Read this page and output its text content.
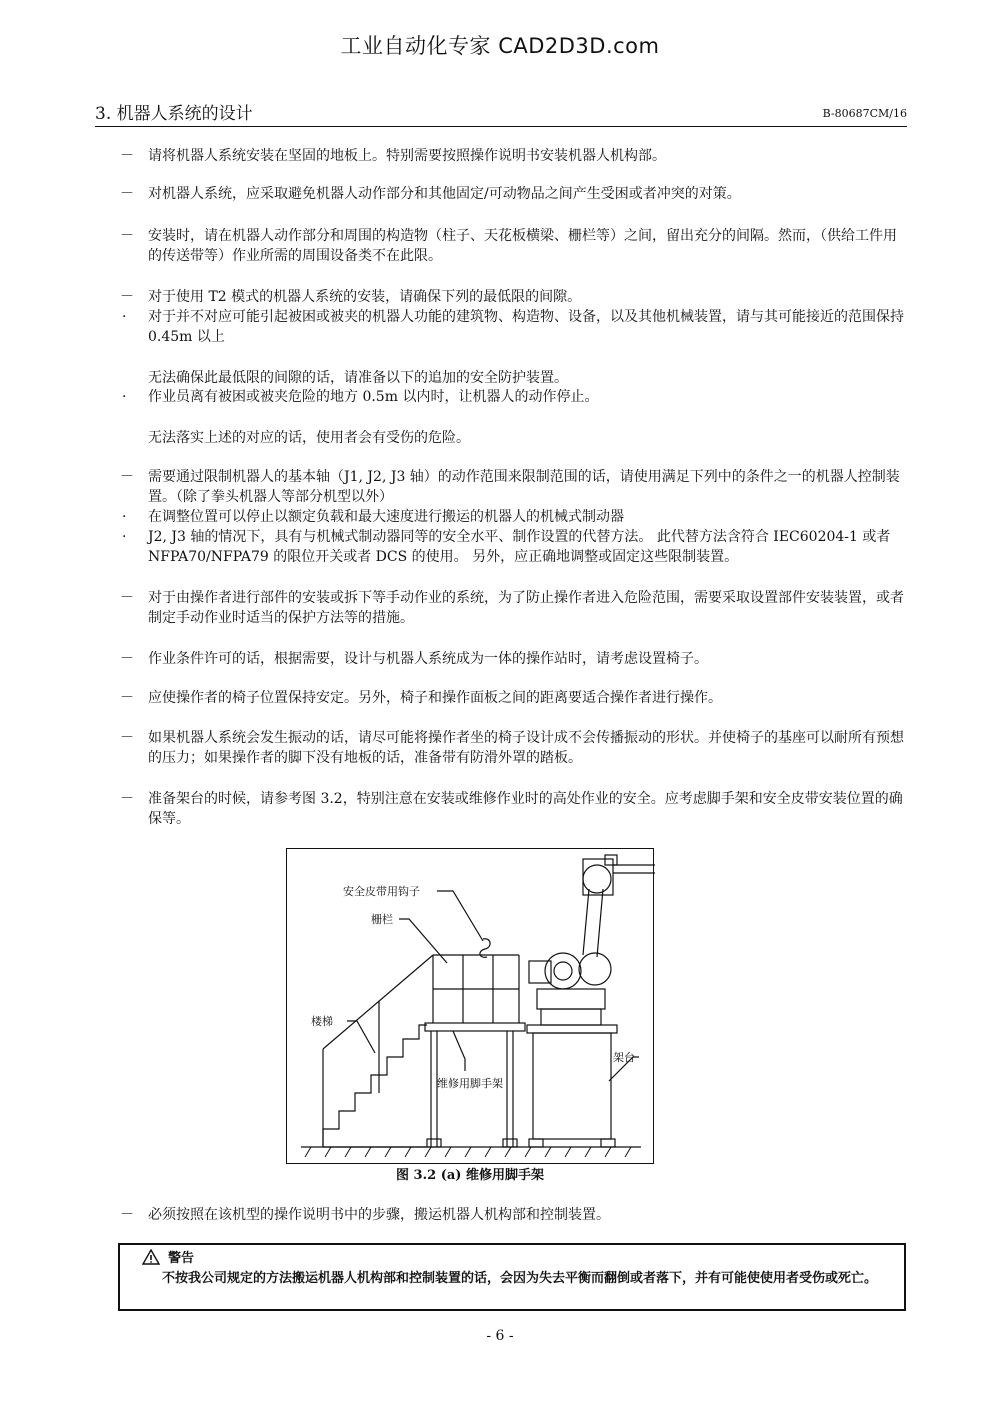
工业自动化专家 CAD2D3D.com
3. 机器人系统的设计	B-80687CM/16
－ 请将机器人系统安装在坚固的地板上。特别需要按照操作说明书安装机器人机构部。
－ 对机器人系统，应采取避免机器人动作部分和其他固定/可动物品之间产生受困或者冲突的对策。
－ 安装时，请在机器人动作部分和周围的构造物（柱子、天花板横梁、栅栏等）之间，留出充分的间隔。然而，（供给工件用的传送带等）作业所需的周围设备类不在此限。
－ 对于使用 T2 模式的机器人系统的安装，请确保下列的最低限的间隙。
· 对于并不对应可能引起被困或被夹的机器人功能的建筑物、构造物、设备，以及其他机械装置，请与其可能接近的范围保持 0.45m 以上
无法确保此最低限的间隙的话，请准备以下的追加的安全防护装置。
· 作业员离有被困或被夹危险的地方 0.5m 以内时，让机器人的动作停止。
无法落实上述的对应的话，使用者会有受伤的危险。
－ 需要通过限制机器人的基本轴（J1, J2, J3 轴）的动作范围来限制范围的话，请使用满足下列中的条件之一的机器人控制装置。（除了拳头机器人等部分机型以外）
· 在调整位置可以停止以额定负载和最大速度进行搬运的机器人的机械式制动器
·	J2, J3 轴的情况下，具有与机械式制动器同等的安全水平、制作设置的代替方法。 此代替方法含符合 IEC60204-1 或者 NFPA70/NFPA79 的限位开关或者 DCS 的使用。 另外，应正确地调整或固定这些限制装置。
－ 对于由操作者进行部件的安装或拆下等手动作业的系统，为了防止操作者进入危险范围，需要采取设置部件安装装置，或者制定手动作业时适当的保护方法等的措施。
－ 作业条件许可的话，根据需要，设计与机器人系统成为一体的操作站时，请考虑设置椅子。
－ 应使操作者的椅子位置保持安定。另外，椅子和操作面板之间的距离要适合操作者进行操作。
－ 如果机器人系统会发生振动的话，请尽可能将操作者坐的椅子设计成不会传播振动的形状。并使椅子的基座可以耐所有预想的压力；如果操作者的脚下没有地板的话，准备带有防滑外罩的踏板。
－ 准备架台的时候，请参考图 3.2，特别注意在安装或维修作业时的高处作业的安全。应考虑脚手架和安全皮带安装位置的确保等。
安全皮带用钩子
栅栏
楼梯
维修用脚手架
架台
图 3.2 (a) 维修用脚手架
－ 必须按照在该机型的操作说明书中的步骤，搬运机器人机构部和控制装置。
警告
不按我公司规定的方法搬运机器人机构部和控制装置的话，会因为失去平衡而翻倒或者落下，并有可能使使用者受伤或死亡。
- 6 -
